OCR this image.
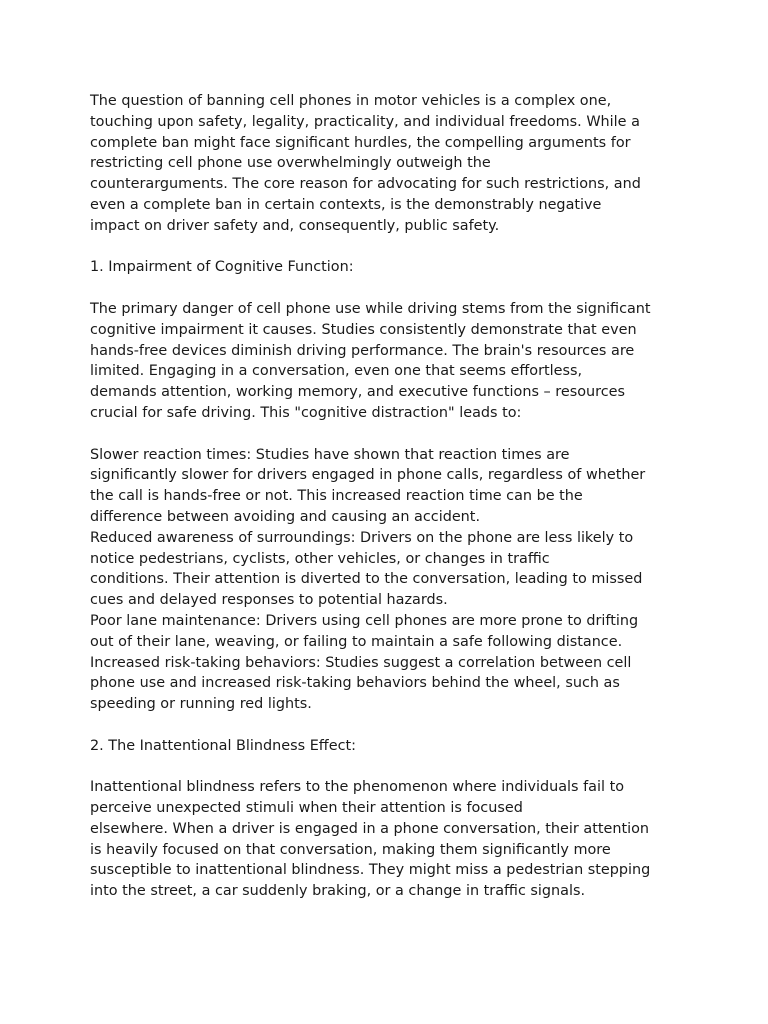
The question of banning cell phones in motor vehicles is a complex one,
touching upon safety, legality, practicality, and individual freedoms. While a
complete ban might face significant hurdles, the compelling arguments for
restricting cell phone use overwhelmingly outweigh the
counterarguments. The core reason for advocating for such restrictions, and
even a complete ban in certain contexts, is the demonstrably negative
impact on driver safety and, consequently, public safety.
1. Impairment of Cognitive Function:
The primary danger of cell phone use while driving stems from the significant
cognitive impairment it causes. Studies consistently demonstrate that even
hands-free devices diminish driving performance. The brain's resources are
limited. Engaging in a conversation, even one that seems effortless,
demands attention, working memory, and executive functions – resources
crucial for safe driving. This "cognitive distraction" leads to:
Slower reaction times: Studies have shown that reaction times are
significantly slower for drivers engaged in phone calls, regardless of whether
the call is hands-free or not. This increased reaction time can be the
difference between avoiding and causing an accident.
Reduced awareness of surroundings: Drivers on the phone are less likely to
notice pedestrians, cyclists, other vehicles, or changes in traffic
conditions. Their attention is diverted to the conversation, leading to missed
cues and delayed responses to potential hazards.
Poor lane maintenance: Drivers using cell phones are more prone to drifting
out of their lane, weaving, or failing to maintain a safe following distance.
Increased risk-taking behaviors: Studies suggest a correlation between cell
phone use and increased risk-taking behaviors behind the wheel, such as
speeding or running red lights.
2. The Inattentional Blindness Effect:
Inattentional blindness refers to the phenomenon where individuals fail to
perceive unexpected stimuli when their attention is focused
elsewhere. When a driver is engaged in a phone conversation, their attention
is heavily focused on that conversation, making them significantly more
susceptible to inattentional blindness. They might miss a pedestrian stepping
into the street, a car suddenly braking, or a change in traffic signals.
